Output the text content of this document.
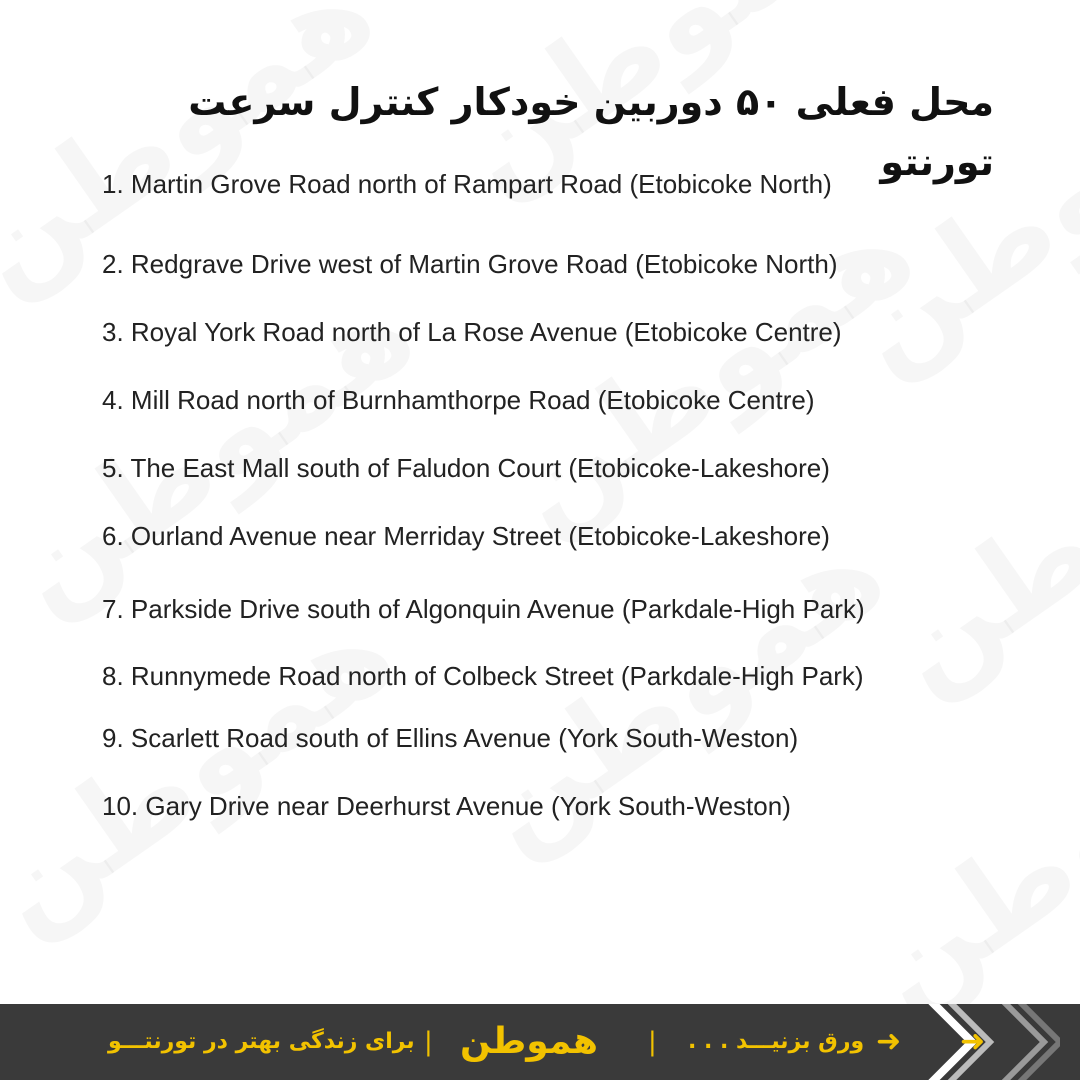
محل فعلی ۵۰ دوربین خودکار کنترل سرعت تورنتو
1. Martin Grove Road north of Rampart Road (Etobicoke North)
2. Redgrave Drive west of Martin Grove Road (Etobicoke North)
3. Royal York Road north of La Rose Avenue (Etobicoke Centre)
4. Mill Road north of Burnhamthorpe Road (Etobicoke Centre)
5. The East Mall south of Faludon Court (Etobicoke-Lakeshore)
6. Ourland Avenue near Merriday Street (Etobicoke-Lakeshore)
7. Parkside Drive south of Algonquin Avenue (Parkdale-High Park)
8. Runnymede Road north of Colbeck Street (Parkdale-High Park)
9. Scarlett Road south of Ellins Avenue (York South-Weston)
10. Gary Drive near Deerhurst Avenue (York South-Weston)
برای زندگی بهتر در تورنتـــو | هموطن | ورق بزنیـــد . . . ➜ ➜
